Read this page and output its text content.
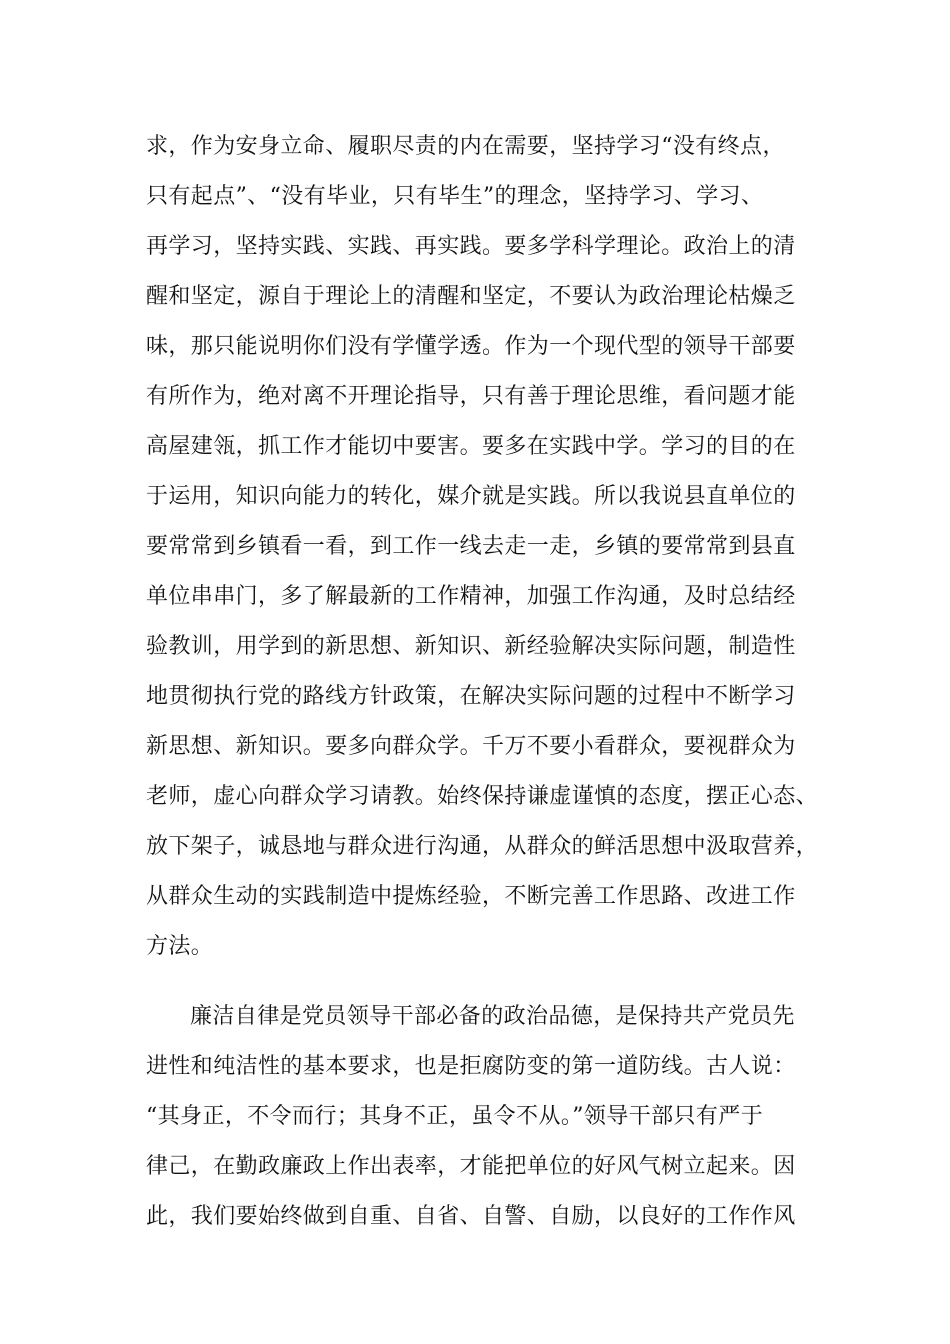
求，作为安身立命、履职尽责的内在需要，坚持学习“没有终点，
只有起点”、“没有毕业，只有毕生”的理念，坚持学习、学习、
再学习，坚持实践、实践、再实践。要多学科学理论。政治上的清
醒和坚定，源自于理论上的清醒和坚定，不要认为政治理论枯燥乏
味，那只能说明你们没有学懂学透。作为一个现代型的领导干部要
有所作为，绝对离不开理论指导，只有善于理论思维，看问题才能
高屋建瓴，抓工作才能切中要害。要多在实践中学。学习的目的在
于运用，知识向能力的转化，媒介就是实践。所以我说县直单位的
要常常到乡镇看一看，到工作一线去走一走，乡镇的要常常到县直
单位串串门，多了解最新的工作精神，加强工作沟通，及时总结经
验教训，用学到的新思想、新知识、新经验解决实际问题，制造性
地贯彻执行党的路线方针政策，在解决实际问题的过程中不断学习
新思想、新知识。要多向群众学。千万不要小看群众，要视群众为
老师，虚心向群众学习请教。始终保持谦虚谨慎的态度，摆正心态、
放下架子，诚恳地与群众进行沟通，从群众的鲜活思想中汲取营养，
从群众生动的实践制造中提炼经验，不断完善工作思路、改进工作
方法。
廉洁自律是党员领导干部必备的政治品德，是保持共产党员先
进性和纯洁性的基本要求，也是拒腐防变的第一道防线。古人说：
“其身正，不令而行；其身不正，虽令不从。”领导干部只有严于
律己，在勤政廉政上作出表率，才能把单位的好风气树立起来。因
此，我们要始终做到自重、自省、自警、自励，以良好的工作作风
